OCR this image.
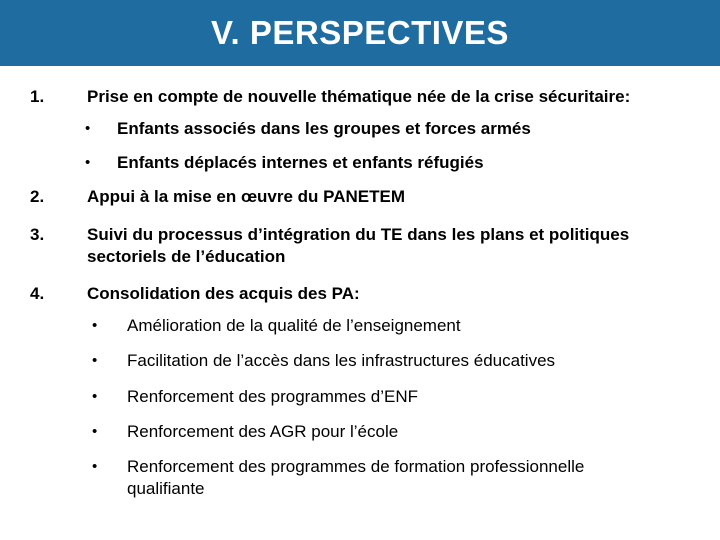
V. PERSPECTIVES
1.	Prise en compte de nouvelle thématique née de la crise sécuritaire:
• Enfants associés dans les groupes et forces armés
• Enfants déplacés internes et enfants réfugiés
2.	Appui à la mise en œuvre du PANETEM
3.	Suivi du processus d’intégration du TE dans les plans et politiques sectoriels de l’éducation
4.	Consolidation des acquis des PA:
• Amélioration de la qualité de l’enseignement
• Facilitation de l’accès dans les infrastructures éducatives
• Renforcement des programmes d’ENF
• Renforcement des AGR pour l’école
• Renforcement des programmes de formation professionnelle qualifiante
